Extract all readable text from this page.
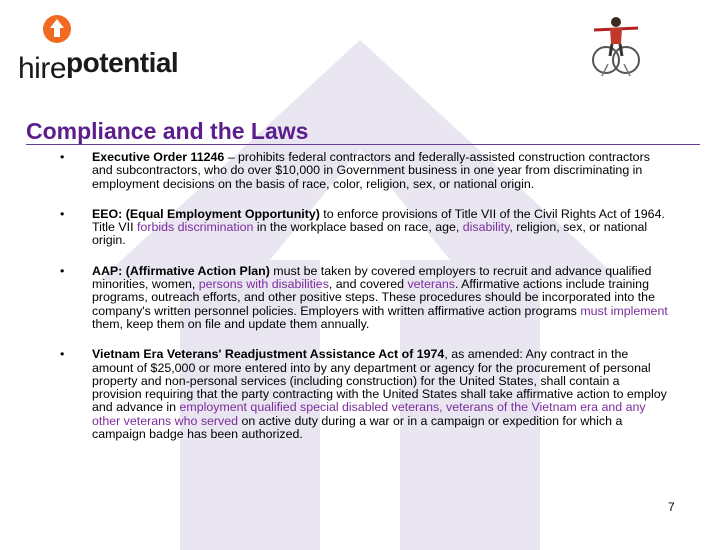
hirepotential
Compliance and the Laws
• Executive Order 11246 – prohibits federal contractors and federally-assisted construction contractors and subcontractors, who do over $10,000 in Government business in one year from discriminating in employment decisions on the basis of race, color, religion, sex, or national origin.
• EEO: (Equal Employment Opportunity) to enforce provisions of Title VII of the Civil Rights Act of 1964. Title VII forbids discrimination in the workplace based on race, age, disability, religion, sex, or national origin.
• AAP: (Affirmative Action Plan) must be taken by covered employers to recruit and advance qualified minorities, women, persons with disabilities, and covered veterans. Affirmative actions include training programs, outreach efforts, and other positive steps. These procedures should be incorporated into the company's written personnel policies. Employers with written affirmative action programs must implement them, keep them on file and update them annually.
• Vietnam Era Veterans' Readjustment Assistance Act of 1974, as amended: Any contract in the amount of $25,000 or more entered into by any department or agency for the procurement of personal property and non-personal services (including construction) for the United States, shall contain a provision requiring that the party contracting with the United States shall take affirmative action to employ and advance in employment qualified special disabled veterans, veterans of the Vietnam era and any other veterans who served on active duty during a war or in a campaign or expedition for which a campaign badge has been authorized.
7
